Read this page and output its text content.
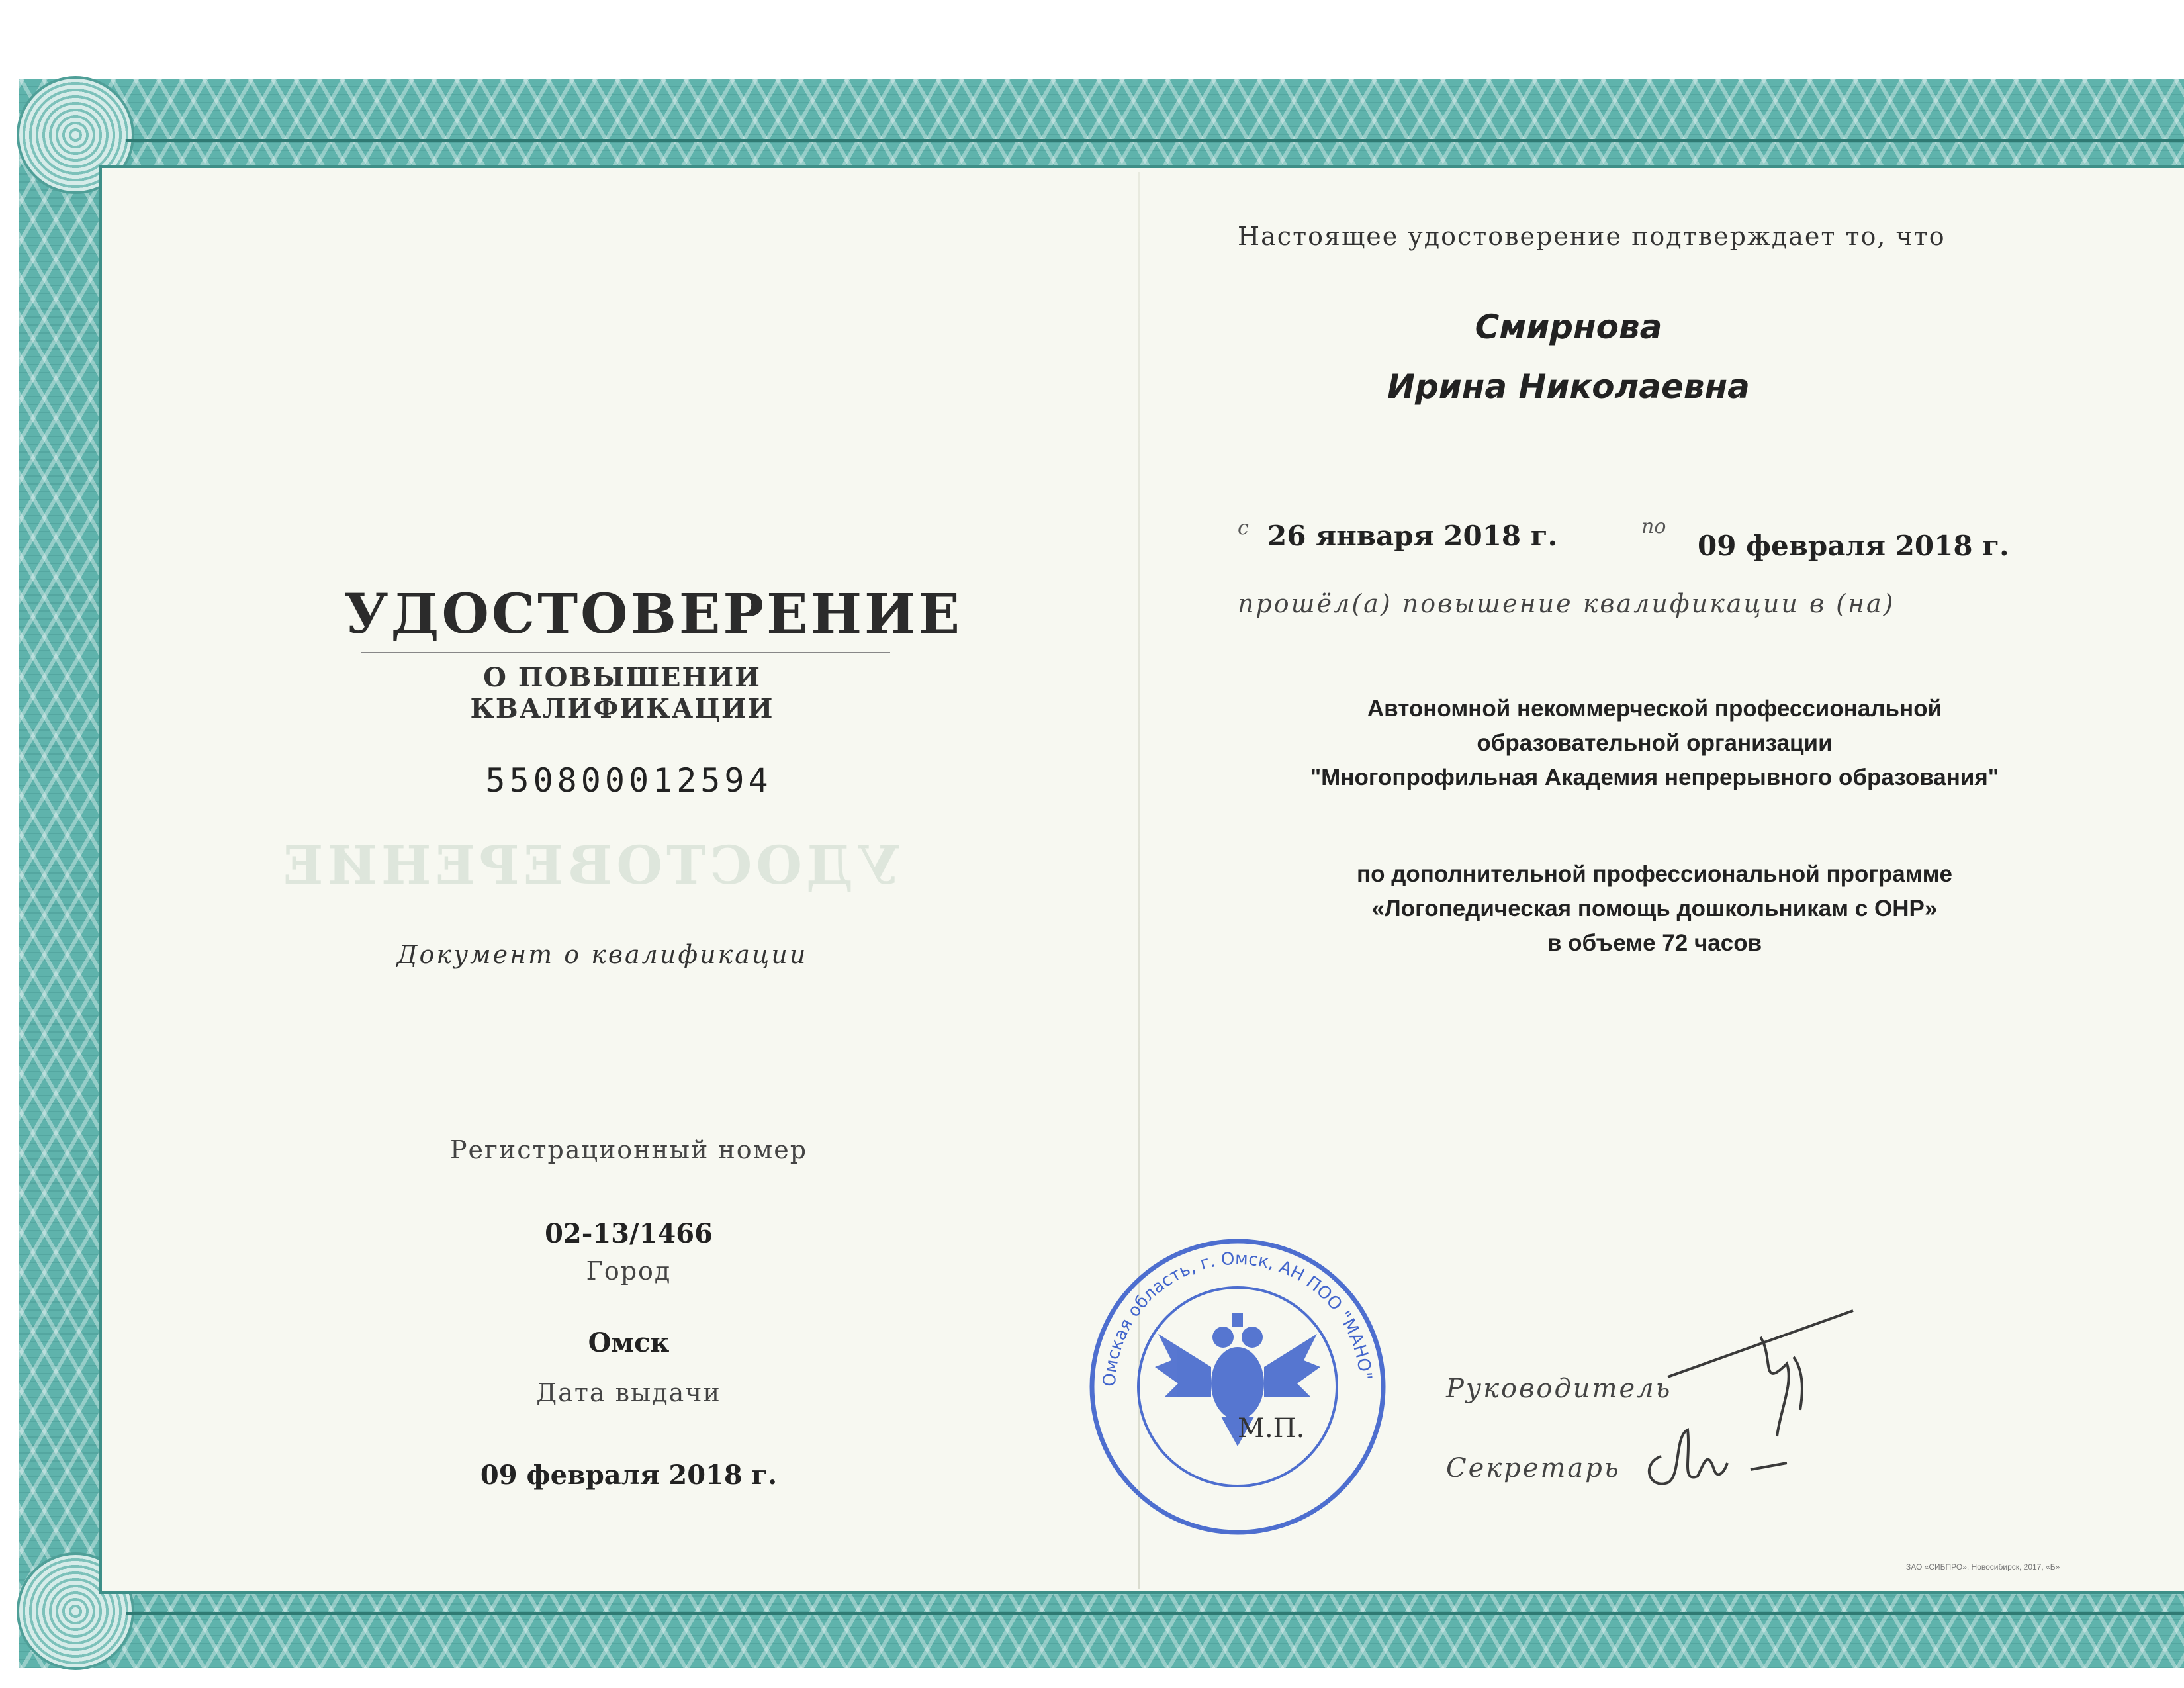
УДОСТОВЕРЕНИЕ
О ПОВЫШЕНИИ КВАЛИФИКАЦИИ
550800012594
УДОСТОВЕРЕНИЕ
Документ о квалификации
Регистрационный номер
02-13/1466
Город
Омск
Дата выдачи
09 февраля 2018 г.
Настоящее удостоверение подтверждает то, что
Смирнова
Ирина Николаевна
с 26 января 2018 г.	по
09 февраля 2018 г.
прошёл(а) повышение квалификации в (на)
Автономной некоммерческой профессиональной
образовательной организации
"Многопрофильная Академия непрерывного образования"
по дополнительной профессиональной программе
«Логопедическая помощь дошкольникам с ОНР»
в объеме 72 часов
Омская область, г. Омск, АН ПОО "МАНО"
М.П.
Руководитель
Секретарь
ЗАО «СИБПРО», Новосибирск, 2017, «Б»
